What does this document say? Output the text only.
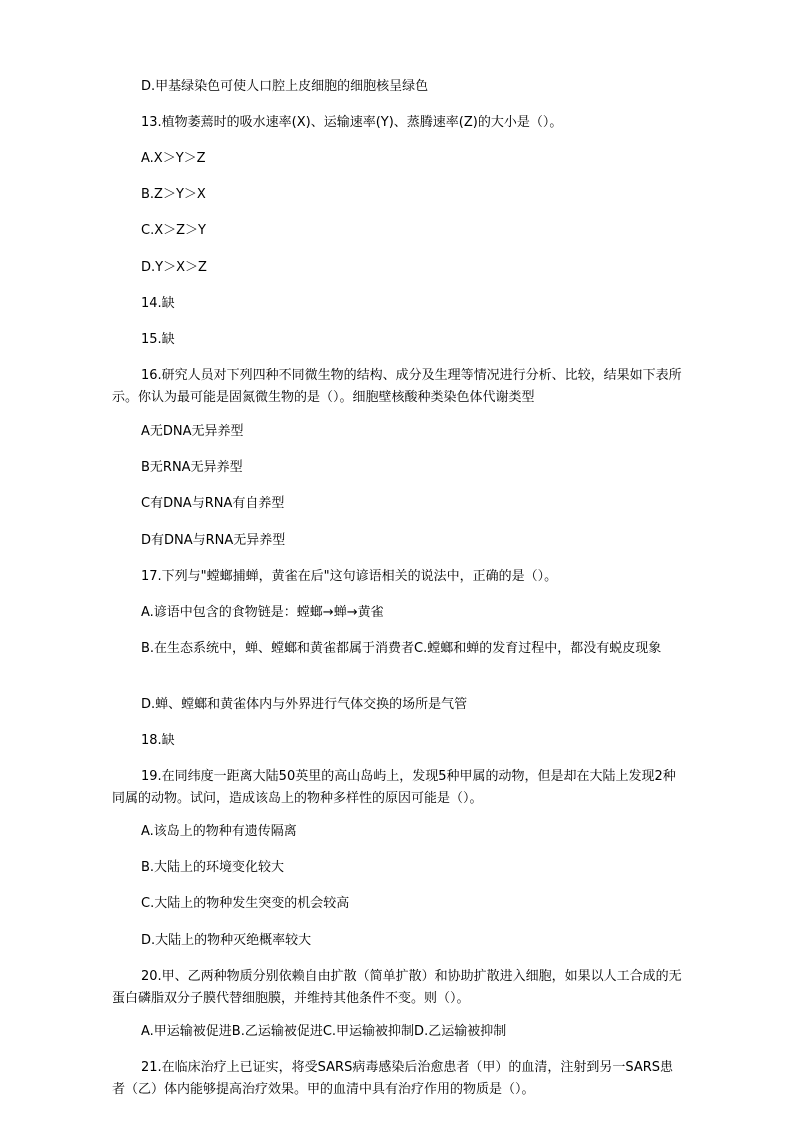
D.甲基绿染色可使人口腔上皮细胞的细胞核呈绿色

13.植物萎蔫时的吸水速率(X)、运输速率(Y)、蒸腾速率(Z)的大小是（）。

A.X＞Y＞Z

B.Z＞Y＞X

C.X＞Z＞Y

D.Y＞X＞Z

14.缺

15.缺

16.研究人员对下列四种不同微生物的结构、成分及生理等情况进行分析、比较，结果如下表所示。你认为最可能是固氮微生物的是（）。细胞壁核酸种类染色体代谢类型

A无DNA无异养型

B无RNA无异养型

C有DNA与RNA有自养型

D有DNA与RNA无异养型

17.下列与"螳螂捕蝉，黄雀在后"这句谚语相关的说法中，正确的是（）。

A.谚语中包含的食物链是：螳螂→蝉→黄雀

B.在生态系统中，蝉、螳螂和黄雀都属于消费者C.螳螂和蝉的发育过程中，都没有蜕皮现象

D.蝉、螳螂和黄雀体内与外界进行气体交换的场所是气管

18.缺

19.在同纬度一距离大陆50英里的高山岛屿上，发现5种甲属的动物，但是却在大陆上发现2种同属的动物。试问，造成该岛上的物种多样性的原因可能是（）。

A.该岛上的物种有遗传隔离

B.大陆上的环境变化较大

C.大陆上的物种发生突变的机会较高

D.大陆上的物种灭绝概率较大

20.甲、乙两种物质分别依赖自由扩散（简单扩散）和协助扩散进入细胞，如果以人工合成的无蛋白磷脂双分子膜代替细胞膜，并维持其他条件不变。则（）。

A.甲运输被促进B.乙运输被促进C.甲运输被抑制D.乙运输被抑制

21.在临床治疗上已证实，将受SARS病毒感染后治愈患者（甲）的血清，注射到另一SARS患者（乙）体内能够提高治疗效果。甲的血清中具有治疗作用的物质是（）。
